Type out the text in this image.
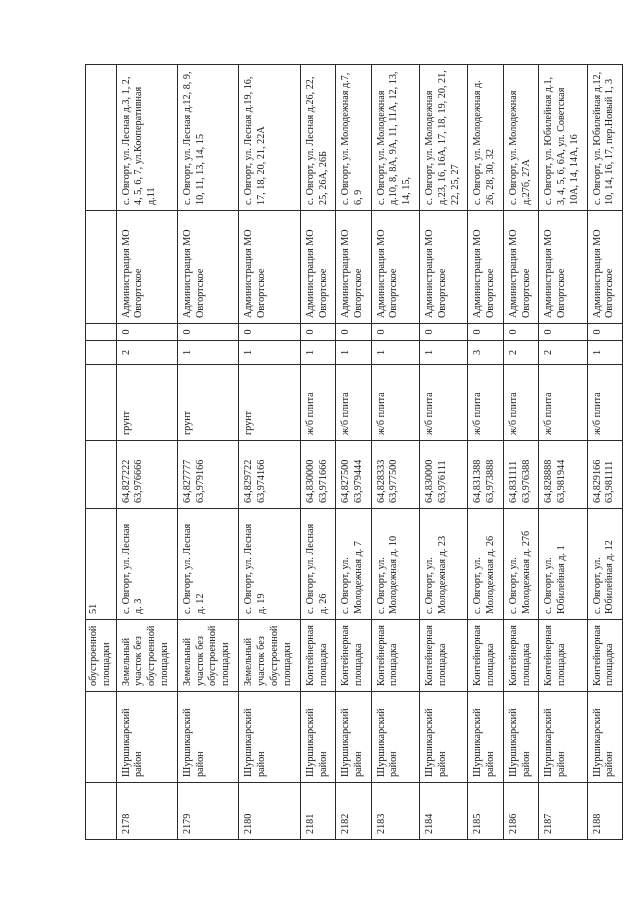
		обустроенной площадки	51						
2178	Шуршикарский район	Земельный участок без обустроенной площадки	с. Овгорт, ул. Лесная д. 3	64,827222 63,976666	грунт	2	0	Администрация МО Овгортское	с. Овгорт, ул. Лесная д.3, 1, 2, 4, 5, 6, 7, ул.Кооперативная д.11
2179	Шуршикарский район	Земельный участок без обустроенной площадки	с. Овгорт, ул. Лесная д. 12	64,827777 63,979166	грунт	1	0	Администрация МО Овгортское	с. Овгорт, ул. Лесная д.12, 8, 9, 10, 11, 13, 14, 15
2180	Шуршикарский район	Земельный участок без обустроенной площадки	с. Овгорт, ул. Лесная д. 19	64,829722 63,974166	грунт	1	0	Администрация МО Овгортское	с. Овгорт, ул. Лесная д.19, 16, 17, 18, 20, 21, 22А
2181	Шуршикарский район	Контейнерная площадка	с. Овгорт, ул. Лесная д. 26	64,830000 63,971666	ж/б плита	1	0	Администрация МО Овгортское	с. Овгорт, ул. Лесная д.26, 22, 25, 26А, 26Б
2182	Шуршикарский район	Контейнерная площадка	с. Овгорт, ул. Молодежная д. 7	64,827500 63,979444	ж/б плита	1	0	Администрация МО Овгортское	с. Овгорт, ул. Молодежная д.7, 6, 9
2183	Шуршикарский район	Контейнерная площадка	с. Овгорт, ул. Молодежная д. 10	64,828333 63,977500	ж/б плита	1	0	Администрация МО Овгортское	с. Овгорт, ул. Молодежная д.10, 8, 8А, 9А, 11, 11А, 12, 13, 14, 15,
2184	Шуршикарский район	Контейнерная площадка	с. Овгорт, ул. Молодежная д. 23	64,830000 63,976111	ж/б плита	1	0	Администрация МО Овгортское	с. Овгорт, ул. Молодежная д.23, 16, 16А, 17, 18, 19, 20, 21, 22, 25, 27
2185	Шуршикарский район	Контейнерная площадка	с. Овгорт, ул. Молодежная д. 26	64,831388 63,973888	ж/б плита	3	0	Администрация МО Овгортское	с. Овгорт, ул. Молодежная д. 26, 28, 30, 32
2186	Шуршикарский район	Контейнерная площадка	с. Овгорт, ул. Молодежная д. 27б	64,831111 63,976388	ж/б плита	2	0	Администрация МО Овгортское	с. Овгорт, ул. Молодежная д.27б, 27А
2187	Шуршикарский район	Контейнерная площадка	с. Овгорт, ул. Юбилейная д. 1	64,828888 63,981944	ж/б плита	2	0	Администрация МО Овгортское	с. Овгорт, ул. Юбилейная д.1, 3, 4, 5, 6, 6А, ул. Советская 10А, 14, 14А, 16
2188	Шуршикарский район	Контейнерная площадка	с. Овгорт, ул. Юбилейная д. 12	64,829166 63,981111	ж/б плита	1	0	Администрация МО Овгортское	с. Овгорт, ул. Юбилейная д.12, 10, 14, 16, 17, пер.Новый 1, 3
